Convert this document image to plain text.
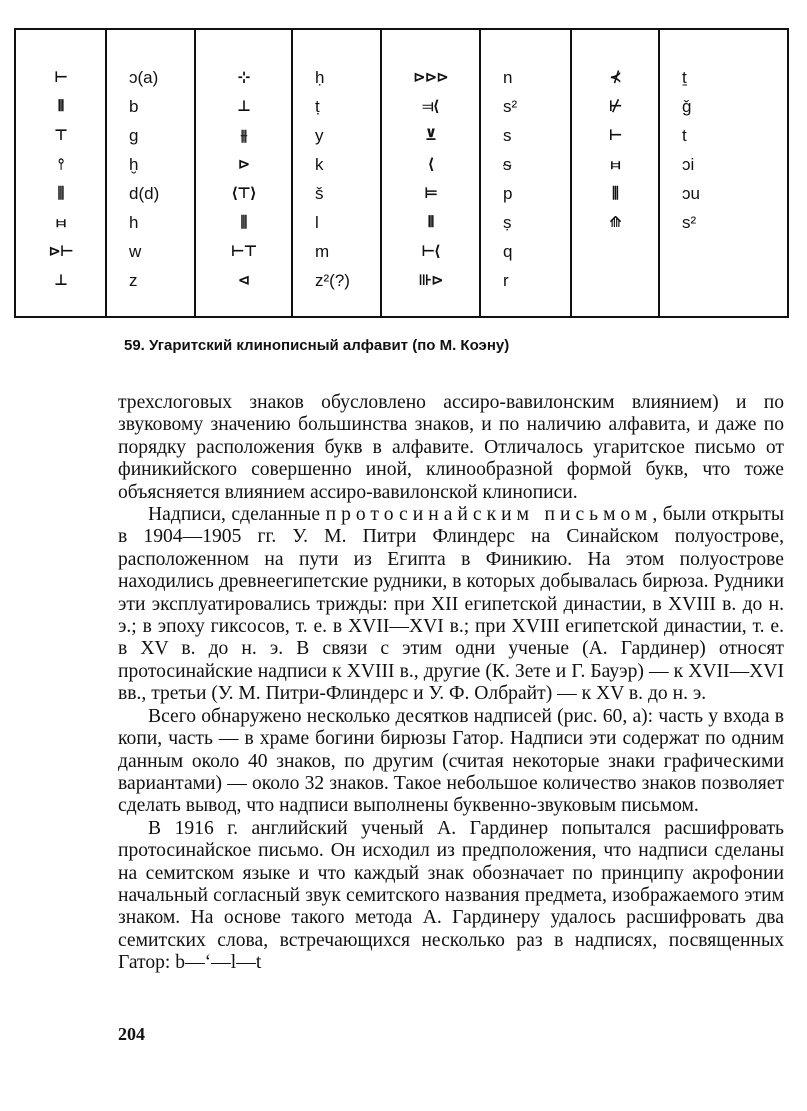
⊢
⫴
⊤
⫯
⫼
⧦
⊳⊢
⊥
ɔ(a)
b
g
ḫ
d(d)
h
w
z
⊹
⊥
⫵
⊳
⟨⊤⟩
⫼
⊢⊤
⊲
ḥ
ṭ
y
k
š
l
m
z²(?)
⊳⊳⊳
⫤⟨
⊻
⟨
⊨
⫴
⊢⟨
⊪⊳
n
s²
s
ᵴ
p
ṣ
q
r
⊀
⊬
⊢
⧦
⫼
⟰
ṯ
ǧ
t
ɔi
ɔu
s²
59. Угаритский клинописный алфавит (по М. Коэну)

трехслоговых знаков обусловлено ассиро-вавилонским влиянием) и по звуковому значению большинства знаков, и по наличию алфавита, и даже по порядку расположения букв в алфавите. Отличалось угаритское письмо от финикийского совершенно иной, клинообразной формой букв, что тоже объясняется влиянием ассиро-вавилонской клинописи.

Надписи, сделанные протосинайским письмом, были открыты в 1904—1905 гг. У. М. Питри Флиндерс на Синайском полуострове, расположенном на пути из Египта в Финикию. На этом полуострове находились древнеегипетские рудники, в которых добывалась бирюза. Рудники эти эксплуатировались трижды: при XII египетской династии, в XVIII в. до н. э.; в эпоху гиксосов, т. е. в XVII—XVI в.; при XVIII египетской династии, т. е. в XV в. до н. э. В связи с этим одни ученые (А. Гардинер) относят протосинайские надписи к XVIII в., другие (К. Зете и Г. Бауэр) — к XVII—XVI вв., третьи (У. М. Питри-Флиндерс и У. Ф. Олбрайт) — к XV в. до н. э.

Всего обнаружено несколько десятков надписей (рис. 60, а): часть у входа в копи, часть — в храме богини бирюзы Гатор. Надписи эти содержат по одним данным около 40 знаков, по другим (считая некоторые знаки графическими вариантами) — около 32 знаков. Такое небольшое количество знаков позволяет сделать вывод, что надписи выполнены буквенно-звуковым письмом.

В 1916 г. английский ученый А. Гардинер попытался расшифровать протосинайское письмо. Он исходил из предположения, что надписи сделаны на семитском языке и что каждый знак обозначает по принципу акрофонии начальный согласный звук семитского названия предмета, изображаемого этим знаком. На основе такого метода А. Гардинеру удалось расшифровать два семитских слова, встречающихся несколько раз в надписях, посвященных Гатор: b—‘—l—t

204
